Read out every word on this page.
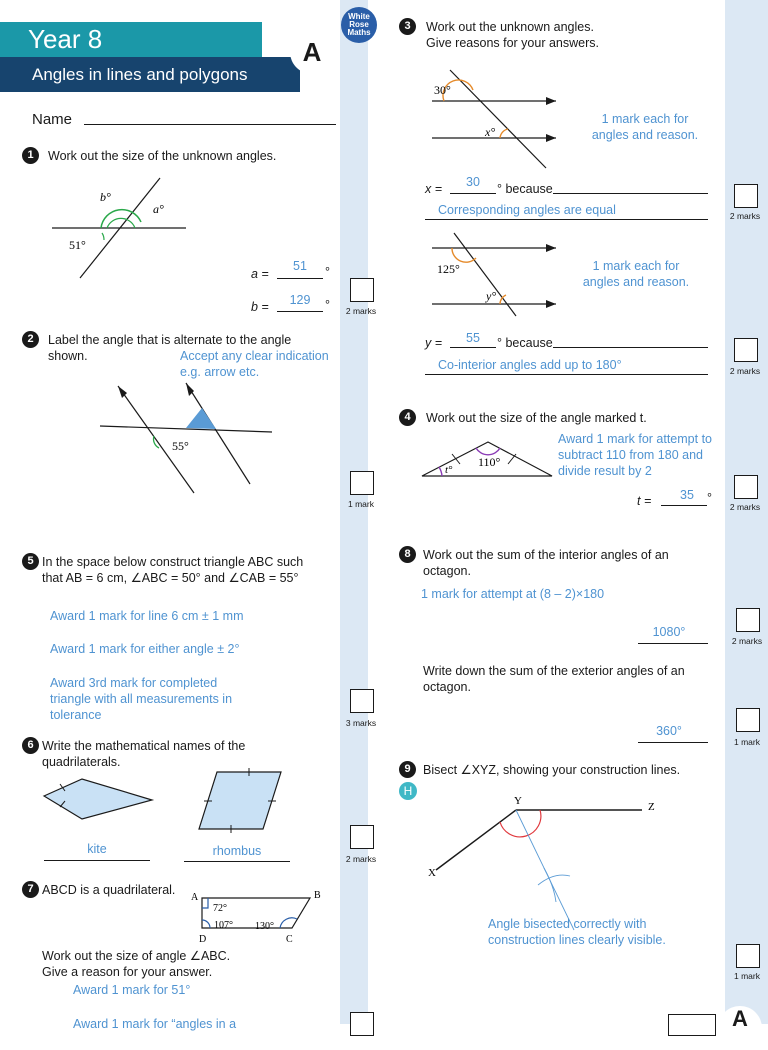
Year 8
Angles in lines and polygons
A
White
Rose
Maths
Name
1	Work out the size of the unknown angles.
b°
a°
51°
a =
51	°
b =	129	°	2 marks
2	Label the angle that is alternate to the angle shown.	Accept any clear indication e.g. arrow etc.
55°
1 mark
3	Work out the unknown angles.
Give reasons for your answers.
30°
x°
1 mark each for angles and reason.
x =	30	° because
Corresponding angles are equal	2 marks
125°
y°
1 mark each for angles and reason.
y =	55	° because
Co-interior angles add up to 180°	2 marks
4	Work out the size of the angle marked t.
110°
t°
Award 1 mark for attempt to subtract 110 from 180 and divide result by 2
t =	35	°
2 marks
5 In the space below construct triangle ABC such that AB = 6 cm, ∠ABC = 50° and ∠CAB = 55°
Award 1 mark for line 6 cm ± 1 mm
Award 1 mark for either angle ± 2°
Award 3rd mark for completed triangle with all measurements in tolerance
3 marks
6 Write the mathematical names of the quadrilaterals.
kite	rhombus
2 marks
7 ABCD is a quadrilateral.
A	B
C
D
72°
107° 130°
Work out the size of angle ∠ABC.
Give a reason for your answer.
Award 1 mark for 51°
Award 1 mark for “angles in a
8 Work out the sum of the interior angles of an octagon.
1 mark for attempt at (8 – 2)×180
1080°
2 marks
Write down the sum of the exterior angles of an octagon.
360°
1 mark
9 Bisect ∠XYZ, showing your construction lines.
H
Y	Z
X
Angle bisected correctly with construction lines clearly visible.
1 mark
A
